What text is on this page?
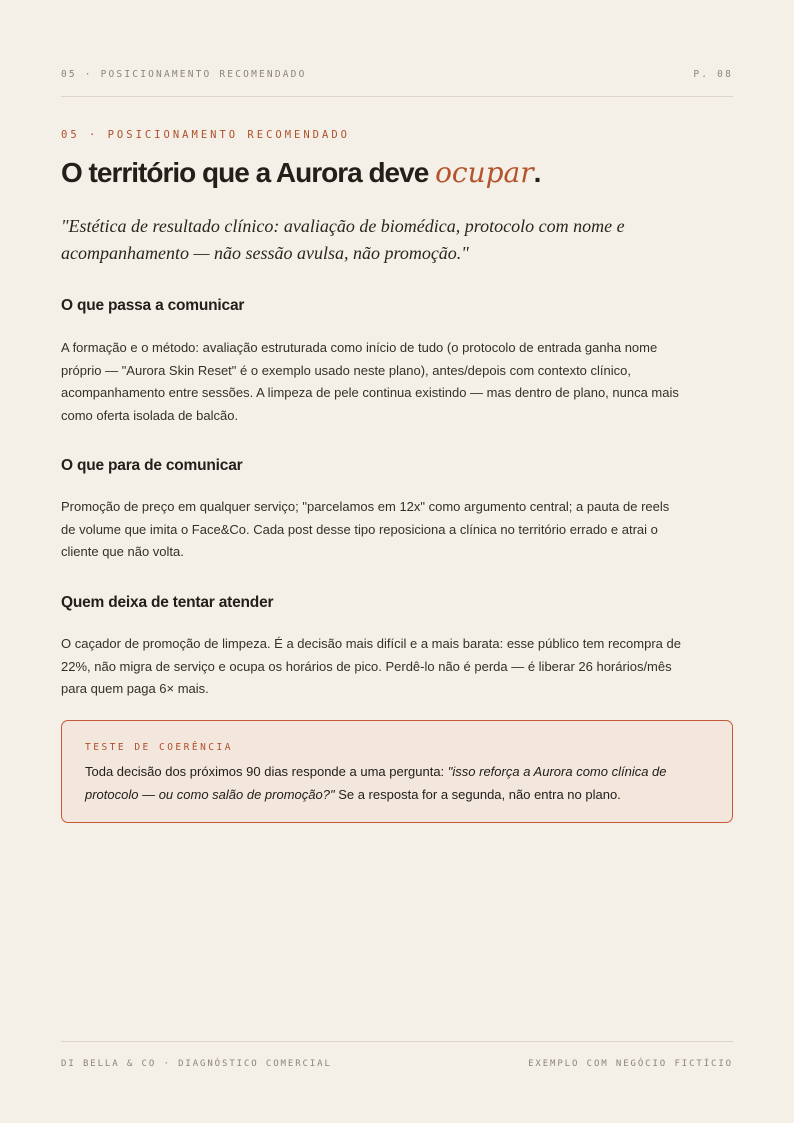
05 · POSICIONAMENTO RECOMENDADO	P. 08
05 · POSICIONAMENTO RECOMENDADO
O território que a Aurora deve ocupar.

"Estética de resultado clínico: avaliação de biomédica, protocolo com nome e acompanhamento — não sessão avulsa, não promoção."

O que passa a comunicar

A formação e o método: avaliação estruturada como início de tudo (o protocolo de entrada ganha nome próprio — "Aurora Skin Reset" é o exemplo usado neste plano), antes/depois com contexto clínico, acompanhamento entre sessões. A limpeza de pele continua existindo — mas dentro de plano, nunca mais como oferta isolada de balcão.

O que para de comunicar

Promoção de preço em qualquer serviço; "parcelamos em 12x" como argumento central; a pauta de reels de volume que imita o Face&Co. Cada post desse tipo reposiciona a clínica no território errado e atrai o cliente que não volta.

Quem deixa de tentar atender

O caçador de promoção de limpeza. É a decisão mais difícil e a mais barata: esse público tem recompra de 22%, não migra de serviço e ocupa os horários de pico. Perdê-lo não é perda — é liberar 26 horários/mês para quem paga 6× mais.

TESTE DE COERÊNCIA

Toda decisão dos próximos 90 dias responde a uma pergunta: "isso reforça a Aurora como clínica de protocolo — ou como salão de promoção?" Se a resposta for a segunda, não entra no plano.

DI BELLA & CO · DIAGNÓSTICO COMERCIAL	EXEMPLO COM NEGÓCIO FICTÍCIO
